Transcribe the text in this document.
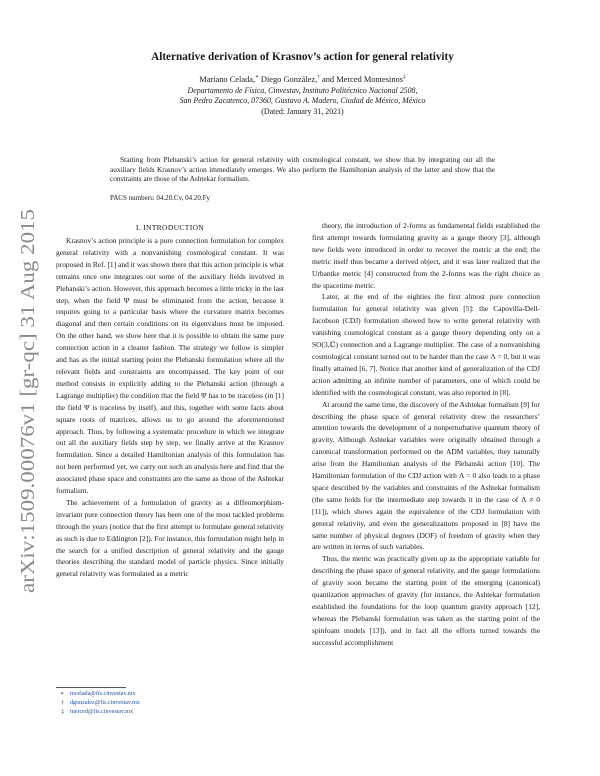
arXiv:1509.00076v1 [gr-qc] 31 Aug 2015
Alternative derivation of Krasnov’s action for general relativity
Mariano Celada,∗ Diego González,† and Merced Montesinos‡
Departamento de Física, Cinvestav, Instituto Politécnico Nacional 2508,
San Pedro Zacatenco, 07360, Gustavo A. Madero, Ciudad de México, México
(Dated: January 31, 2021)
Starting from Plebanski’s action for general relativity with cosmological constant, we show that by integrating out all the auxiliary fields Krasnov’s action immediately emerges. We also perform the Hamiltonian analysis of the latter and show that the constraints are those of the Ashtekar formalism.
PACS numbers: 04.20.Cv, 04.20.Fy
I. INTRODUCTION

Krasnov’s action principle is a pure connection formulation for complex general relativity with a nonvanishing cosmological constant. It was proposed in Ref. [1] and it was shown there that this action principle is what remains once one integrates out some of the auxiliary fields involved in Plebanski’s action. However, this approach becomes a little tricky in the last step, when the field Ψ must be eliminated from the action, because it requires going to a particular basis where the curvature matrix becomes diagonal and then certain conditions on its eigenvalues must be imposed. On the other hand, we show here that it is possible to obtain the same pure connection action in a cleaner fashion. The strategy we follow is simpler and has as the initial starting point the Plebanski formulation where all the relevant fields and constraints are encompassed. The key point of our method consists in explicitly adding to the Plebanski action (through a Lagrange multiplier) the condition that the field Ψ has to be traceless (in [1] the field Ψ is traceless by itself), and this, together with some facts about square roots of matrices, allows us to go around the aforementioned approach. Thus, by following a systematic procedure in which we integrate out all the auxiliary fields step by step, we finally arrive at the Krasnov formulation. Since a detailed Hamiltonian analysis of this formulation has not been performed yet, we carry out such an analysis here and find that the associated phase space and constraints are the same as those of the Ashtekar formalism.

The achievement of a formulation of gravity as a diffeomorphism-invariant pure connection theory has been one of the most tackled problems through the years (notice that the first attempt to formulate general relativity as such is due to Eddington [2]). For instance, this formulation might help in the search for a unified description of general relativity and the gauge theories describing the standard model of particle physics. Since initially general relativity was formulated as a metric

theory, the introduction of 2-forms as fundamental fields established the first attempt towards formulating gravity as a gauge theory [3], although new fields were introduced in order to recover the metric at the end; the metric itself thus became a derived object, and it was later realized that the Urbantke metric [4] constructed from the 2-forms was the right choice as the spacetime metric.

Later, at the end of the eighties the first almost pure connection formulation for general relativity was given [5]: the Capovilla-Dell-Jacobson (CDJ) formulation showed how to write general relativity with vanishing cosmological constant as a gauge theory depending only on a SO(3,ℂ) connection and a Lagrange multiplier. The case of a nonvanishing cosmological constant turned out to be harder than the case Λ = 0, but it was finally attained [6, 7]. Notice that another kind of generalization of the CDJ action admitting an infinite number of parameters, one of which could be identified with the cosmological constant, was also reported in [8].

At around the same time, the discovery of the Ashtekar formalism [9] for describing the phase space of general relativity drew the researchers’ attention towards the development of a nonperturbative quantum theory of gravity. Although Ashtekar variables were originally obtained through a canonical transformation performed on the ADM variables, they naturally arise from the Hamiltonian analysis of the Plebanski action [10]. The Hamiltonian formulation of the CDJ action with Λ = 0 also leads to a phase space described by the variables and constraints of the Ashtekar formalism (the same holds for the intermediate step towards it in the case of Λ ≠ 0 [11]), which shows again the equivalence of the CDJ formulation with general relativity, and even the generalizations proposed in [8] have the same number of physical degrees (DOF) of freedom of gravity when they are written in terms of such variables.

Thus, the metric was practically given up as the appropriate variable for describing the phase space of general relativity, and the gauge formulations of gravity soon became the starting point of the emerging (canonical) quantization approaches of gravity (for instance, the Ashtekar formulation established the foundations for the loop quantum gravity approach [12], whereas the Plebanski formulation was taken as the starting point of the spinfoam models [13]), and in fact all the efforts turned towards the successful accomplishment

∗ mcelada@fis.cinvestav.mx
† dgonzalez@fis.cinvestav.mx
‡ merced@fis.cinvestav.mx
